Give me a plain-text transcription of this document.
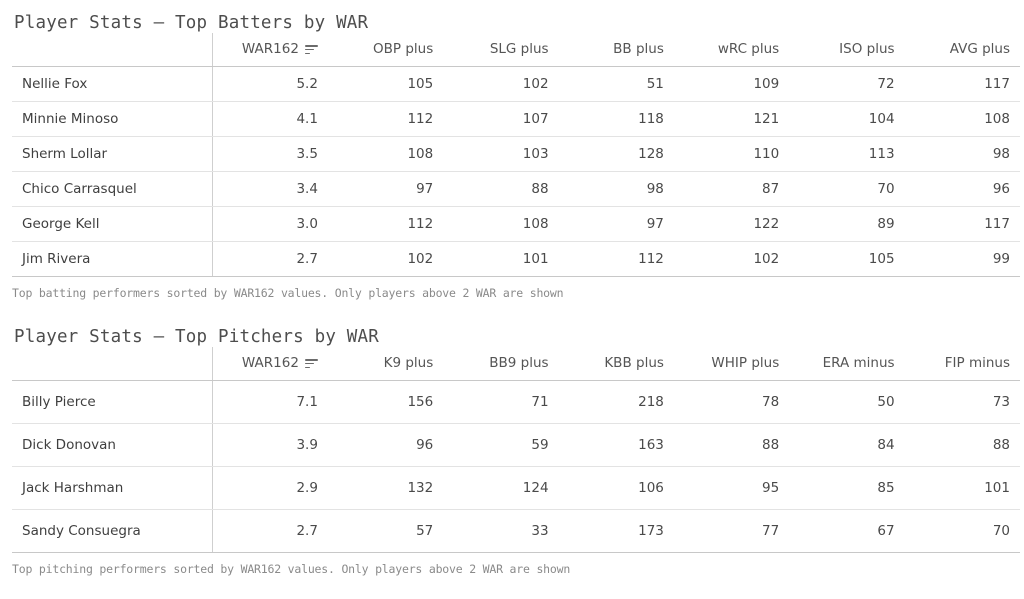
Player Stats – Top Batters by WAR

	WAR162	OBP plus	SLG plus	BB plus	wRC plus	ISO plus	AVG plus
Nellie Fox	5.2	105	102	51	109	72	117
Minnie Minoso	4.1	112	107	118	121	104	108
Sherm Lollar	3.5	108	103	128	110	113	98
Chico Carrasquel	3.4	97	88	98	87	70	96
George Kell	3.0	112	108	97	122	89	117
Jim Rivera	2.7	102	101	112	102	105	99
Top batting performers sorted by WAR162 values. Only players above 2 WAR are shown
Player Stats – Top Pitchers by WAR

	WAR162	K9 plus	BB9 plus	KBB plus	WHIP plus	ERA minus	FIP minus
Billy Pierce	7.1	156	71	218	78	50	73
Dick Donovan	3.9	96	59	163	88	84	88
Jack Harshman	2.9	132	124	106	95	85	101
Sandy Consuegra	2.7	57	33	173	77	67	70
Top pitching performers sorted by WAR162 values. Only players above 2 WAR are shown
